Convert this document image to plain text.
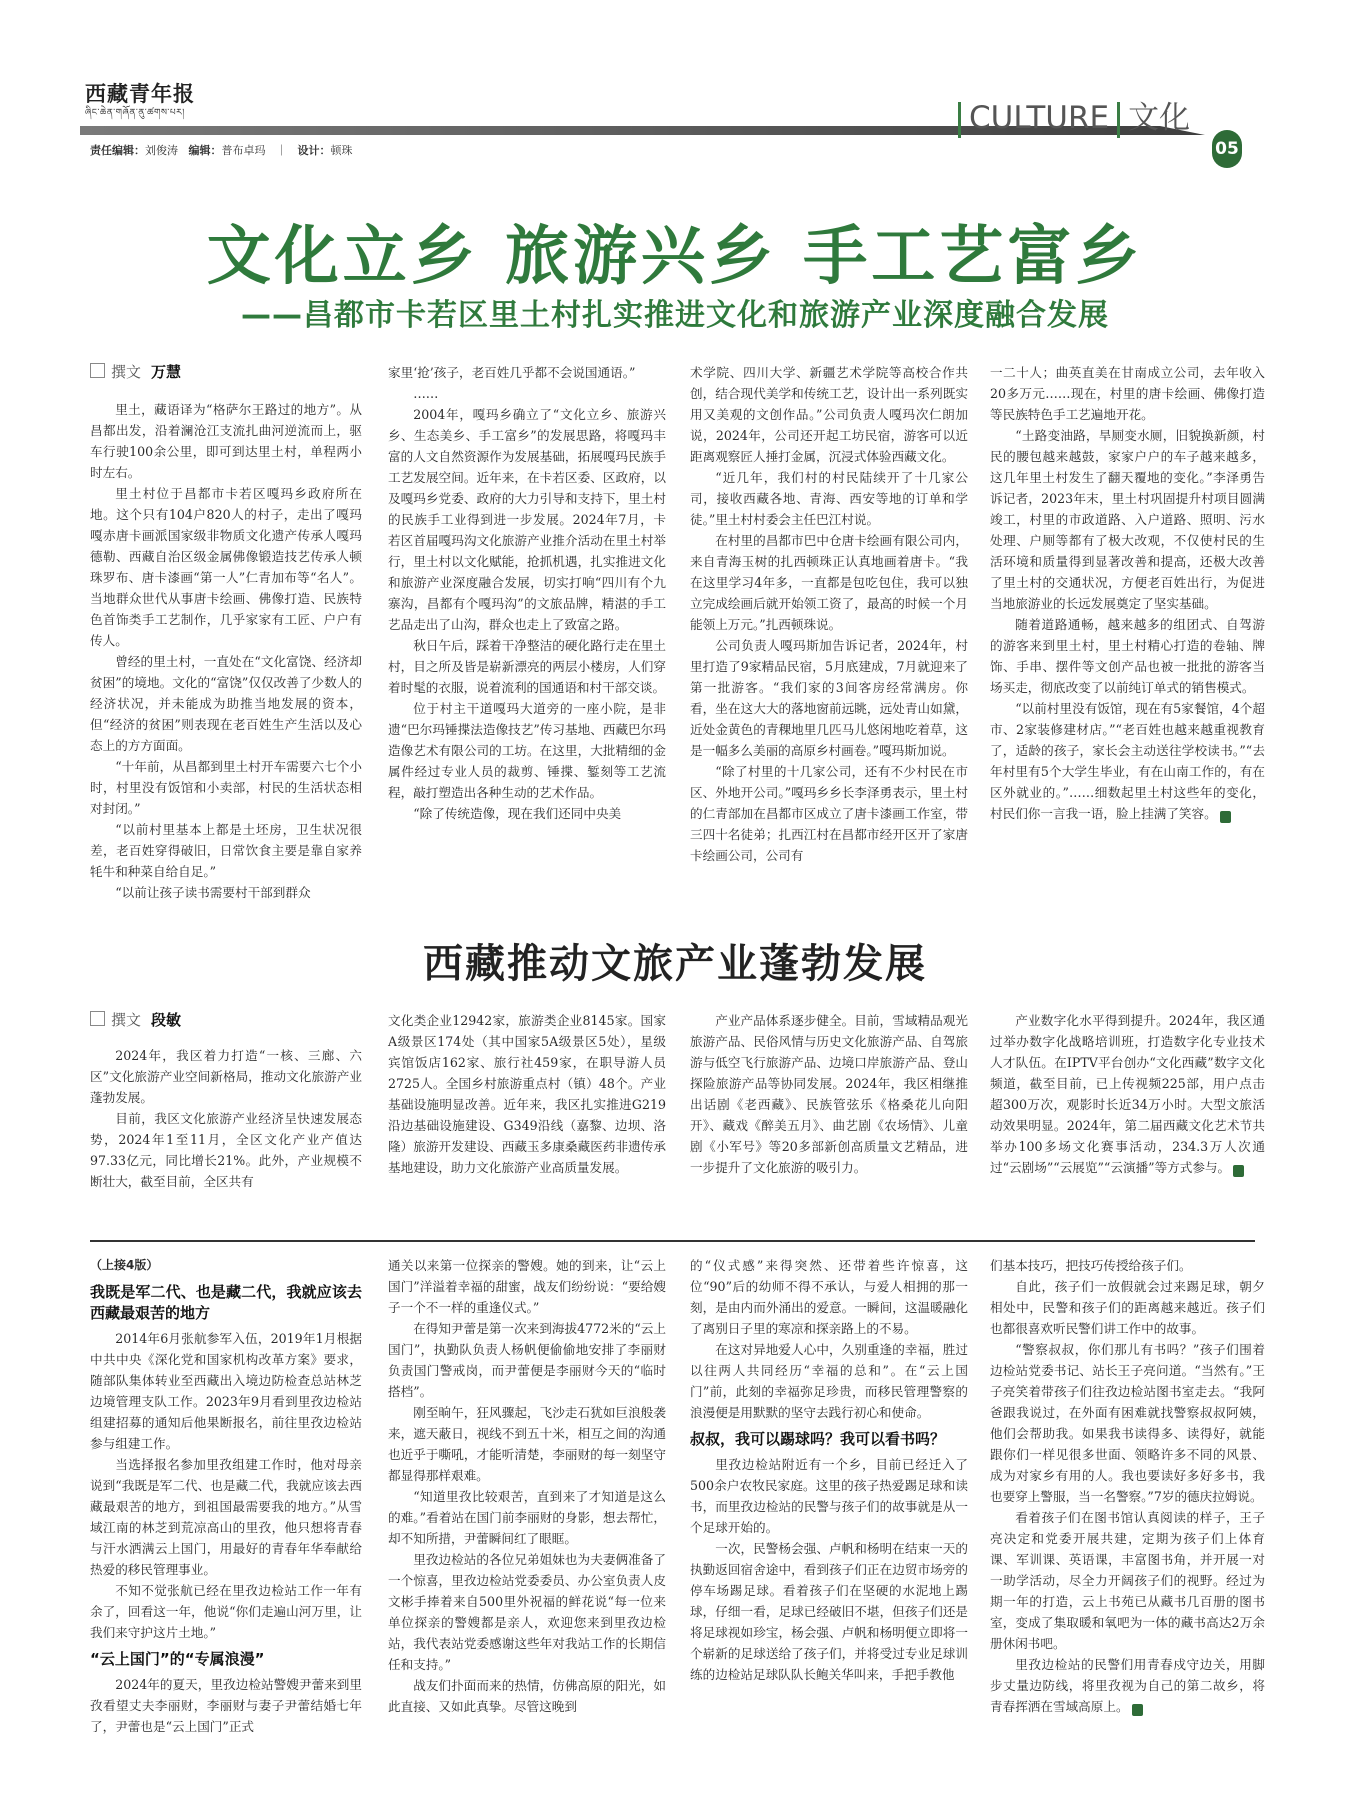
西藏青年报
ཞིང་ཆེན་གཞོན་ནུ་ཚགས་པར།
责任编辑：刘俊涛 编辑：普布卓玛 ｜ 设计：顿珠
CULTURE 文化
05
文化立乡 旅游兴乡 手工艺富乡
——昌都市卡若区里土村扎实推进文化和旅游产业深度融合发展
撰文 万慧

里土，藏语译为“格萨尔王路过的地方”。从昌都出发，沿着澜沧江支流扎曲河逆流而上，驱车行驶100余公里，即可到达里土村，单程两小时左右。

里土村位于昌都市卡若区嘎玛乡政府所在地。这个只有104户820人的村子，走出了嘎玛嘎赤唐卡画派国家级非物质文化遗产传承人嘎玛德勒、西藏自治区级金属佛像锻造技艺传承人顿珠罗布、唐卡漆画“第一人”仁青加布等“名人”。当地群众世代从事唐卡绘画、佛像打造、民族特色首饰类手工艺制作，几乎家家有工匠、户户有传人。

曾经的里土村，一直处在“文化富饶、经济却贫困”的境地。文化的“富饶”仅仅改善了少数人的经济状况，并未能成为助推当地发展的资本，但“经济的贫困”则表现在老百姓生产生活以及心态上的方方面面。

“十年前，从昌都到里土村开车需要六七个小时，村里没有饭馆和小卖部，村民的生活状态相对封闭。”

“以前村里基本上都是土坯房，卫生状况很差，老百姓穿得破旧，日常饮食主要是靠自家养牦牛和种菜自给自足。”

“以前让孩子读书需要村干部到群众

家里‘抢’孩子，老百姓几乎都不会说国通语。”

……

2004年，嘎玛乡确立了“文化立乡、旅游兴乡、生态美乡、手工富乡”的发展思路，将嘎玛丰富的人文自然资源作为发展基础，拓展嘎玛民族手工艺发展空间。近年来，在卡若区委、区政府，以及嘎玛乡党委、政府的大力引导和支持下，里土村的民族手工业得到进一步发展。2024年7月，卡若区首届嘎玛沟文化旅游产业推介活动在里土村举行，里土村以文化赋能，抢抓机遇，扎实推进文化和旅游产业深度融合发展，切实打响“四川有个九寨沟，昌都有个嘎玛沟”的文旅品牌，精湛的手工艺品走出了山沟，群众也走上了致富之路。

秋日午后，踩着干净整洁的硬化路行走在里土村，目之所及皆是崭新漂亮的两层小楼房，人们穿着时髦的衣服，说着流利的国通语和村干部交谈。

位于村主干道嘎玛大道旁的一座小院，是非遗“巴尔玛锤揲法造像技艺”传习基地、西藏巴尔玛造像艺术有限公司的工坊。在这里，大批精细的金属件经过专业人员的裁剪、锤揲、錾刻等工艺流程，敲打塑造出各种生动的艺术作品。

“除了传统造像，现在我们还同中央美

术学院、四川大学、新疆艺术学院等高校合作共创，结合现代美学和传统工艺，设计出一系列既实用又美观的文创作品。”公司负责人嘎玛次仁朗加说，2024年，公司还开起工坊民宿，游客可以近距离观察匠人捶打金属，沉浸式体验西藏文化。

“近几年，我们村的村民陆续开了十几家公司，接收西藏各地、青海、西安等地的订单和学徒。”里土村村委会主任巴江村说。

在村里的昌都市巴中仓唐卡绘画有限公司内，来自青海玉树的扎西顿珠正认真地画着唐卡。“我在这里学习4年多，一直都是包吃包住，我可以独立完成绘画后就开始领工资了，最高的时候一个月能领上万元。”扎西顿珠说。

公司负责人嘎玛斯加告诉记者，2024年，村里打造了9家精品民宿，5月底建成，7月就迎来了第一批游客。“我们家的3间客房经常满房。你看，坐在这大大的落地窗前远眺，远处青山如黛，近处金黄色的青稞地里几匹马儿悠闲地吃着草，这是一幅多么美丽的高原乡村画卷。”嘎玛斯加说。

“除了村里的十几家公司，还有不少村民在市区、外地开公司。”嘎玛乡乡长李泽勇表示，里土村的仁青部加在昌都市区成立了唐卡漆画工作室，带三四十名徒弟；扎西江村在昌都市经开区开了家唐卡绘画公司，公司有

一二十人；曲英直美在甘南成立公司，去年收入20多万元……现在，村里的唐卡绘画、佛像打造等民族特色手工艺遍地开花。

“土路变油路，旱厕变水厕，旧貌换新颜，村民的腰包越来越鼓，家家户户的车子越来越多，这几年里土村发生了翻天覆地的变化。”李泽勇告诉记者，2023年末，里土村巩固提升村项目圆满竣工，村里的市政道路、入户道路、照明、污水处理、户厕等都有了极大改观，不仅使村民的生活环境和质量得到显著改善和提高，还极大改善了里土村的交通状况，方便老百姓出行，为促进当地旅游业的长远发展奠定了坚实基础。

随着道路通畅，越来越多的组团式、自驾游的游客来到里土村，里土村精心打造的卷轴、牌饰、手串、摆件等文创产品也被一批批的游客当场买走，彻底改变了以前纯订单式的销售模式。

“以前村里没有饭馆，现在有5家餐馆，4个超市、2家装修建材店。”“老百姓也越来越重视教育了，适龄的孩子，家长会主动送往学校读书。”“去年村里有5个大学生毕业，有在山南工作的，有在区外就业的。”……细数起里土村这些年的变化，村民们你一言我一语，脸上挂满了笑容。	《

西藏推动文旅产业蓬勃发展
撰文 段敏

2024年，我区着力打造“一核、三廊、六区”文化旅游产业空间新格局，推动文化旅游产业蓬勃发展。

目前，我区文化旅游产业经济呈快速发展态势，2024年1至11月，全区文化产业产值达97.33亿元，同比增长21%。此外，产业规模不断壮大，截至目前，全区共有

文化类企业12942家，旅游类企业8145家。国家A级景区174处（其中国家5A级景区5处），星级宾馆饭店162家、旅行社459家，在职导游人员2725人。全国乡村旅游重点村（镇）48个。产业基础设施明显改善。近年来，我区扎实推进G219沿边基础设施建设、G349沿线（嘉黎、边坝、洛隆）旅游开发建设、西藏玉多康桑藏医药非遗传承基地建设，助力文化旅游产业高质量发展。

产业产品体系逐步健全。目前，雪域精品观光旅游产品、民俗风情与历史文化旅游产品、自驾旅游与低空飞行旅游产品、边境口岸旅游产品、登山探险旅游产品等协同发展。2024年，我区相继推出话剧《老西藏》、民族管弦乐《格桑花儿向阳开》、藏戏《醉美五月》、曲艺剧《农场情》、儿童剧《小军号》等20多部新创高质量文艺精品，进一步提升了文化旅游的吸引力。

产业数字化水平得到提升。2024年，我区通过举办数字化战略培训班，打造数字化专业技术人才队伍。在IPTV平台创办“文化西藏”数字文化频道，截至目前，已上传视频225部，用户点击超300万次，观影时长近34万小时。大型文旅活动效果明显。2024年，第二届西藏文化艺术节共举办100多场文化赛事活动，234.3万人次通过“云剧场”“云展览”“云演播”等方式参与。	《

（上接4版）

我既是军二代、也是藏二代，我就应该去西藏最艰苦的地方

2014年6月张航参军入伍，2019年1月根据中共中央《深化党和国家机构改革方案》要求，随部队集体转业至西藏出入境边防检查总站林芝边境管理支队工作。2023年9月看到里孜边检站组建招募的通知后他果断报名，前往里孜边检站参与组建工作。

当选择报名参加里孜组建工作时，他对母亲说到“我既是军二代、也是藏二代，我就应该去西藏最艰苦的地方，到祖国最需要我的地方。”从雪域江南的林芝到荒凉高山的里孜，他只想将青春与汗水洒满云上国门，用最好的青春年华奉献给热爱的移民管理事业。

不知不觉张航已经在里孜边检站工作一年有余了，回看这一年，他说“你们走遍山河万里，让我们来守护这片土地。”

“云上国门”的“专属浪漫”

2024年的夏天，里孜边检站警嫂尹蕾来到里孜看望丈夫李丽财，李丽财与妻子尹蕾结婚七年了，尹蕾也是“云上国门”正式

通关以来第一位探亲的警嫂。她的到来，让“云上国门”洋溢着幸福的甜蜜，战友们纷纷说：“要给嫂子一个不一样的重逢仪式。”

在得知尹蕾是第一次来到海拔4772米的“云上国门”，执勤队负责人杨帆便偷偷地安排了李丽财负责国门警戒岗，而尹蕾便是李丽财今天的“临时搭档”。

刚至晌午，狂风骤起，飞沙走石犹如巨浪般袭来，遮天蔽日，视线不到五十米，相互之间的沟通也近乎于嘶吼，才能听清楚，李丽财的每一刻坚守都显得那样艰难。

“知道里孜比较艰苦，直到来了才知道是这么的难。”看着站在国门前李丽财的身影，想去帮忙，却不知所措，尹蕾瞬间红了眼眶。

里孜边检站的各位兄弟姐妹也为夫妻俩准备了一个惊喜，里孜边检站党委委员、办公室负责人皮文彬手捧着来自500里外祝福的鲜花说“每一位来单位探亲的警嫂都是亲人，欢迎您来到里孜边检站，我代表站党委感谢这些年对我站工作的长期信任和支持。”

战友们扑面而来的热情，仿佛高原的阳光，如此直接、又如此真挚。尽管这晚到

的“仪式感”来得突然、还带着些许惊喜，这位“90”后的幼师不得不承认，与爱人相拥的那一刻，是由内而外涌出的爱意。一瞬间，这温暖融化了离别日子里的寒凉和探亲路上的不易。

在这对异地爱人心中，久别重逢的幸福，胜过以往两人共同经历“幸福的总和”。在“云上国门”前，此刻的幸福弥足珍贵，而移民管理警察的浪漫便是用默默的坚守去践行初心和使命。

叔叔，我可以踢球吗？我可以看书吗？

里孜边检站附近有一个乡，目前已经迁入了500余户农牧民家庭。这里的孩子热爱踢足球和读书，而里孜边检站的民警与孩子们的故事就是从一个足球开始的。

一次，民警杨会强、卢帆和杨明在结束一天的执勤返回宿舍途中，看到孩子们正在边贸市场旁的停车场踢足球。看着孩子们在坚硬的水泥地上踢球，仔细一看，足球已经破旧不堪，但孩子们还是将足球视如珍宝，杨会强、卢帆和杨明便立即将一个崭新的足球送给了孩子们，并将受过专业足球训练的边检站足球队队长鲍关华叫来，手把手教他

们基本技巧，把技巧传授给孩子们。

自此，孩子们一放假就会过来踢足球，朝夕相处中，民警和孩子们的距离越来越近。孩子们也都很喜欢听民警们讲工作中的故事。

“警察叔叔，你们那儿有书吗？”孩子们围着边检站党委书记、站长王子亮问道。“当然有。”王子亮笑着带孩子们往孜边检站图书室走去。“我阿爸跟我说过，在外面有困难就找警察叔叔阿姨，他们会帮助我。如果我书读得多、读得好，就能跟你们一样见很多世面、领略许多不同的风景、成为对家乡有用的人。我也要读好多好多书，我也要穿上警服，当一名警察。”7岁的德庆拉姆说。

看着孩子们在图书馆认真阅读的样子，王子亮决定和党委开展共建，定期为孩子们上体育课、军训课、英语课，丰富图书角，并开展一对一助学活动，尽全力开阔孩子们的视野。经过为期一年的打造，云上书苑已从藏书几百册的图书室，变成了集取暖和氧吧为一体的藏书高达2万余册休闲书吧。

里孜边检站的民警们用青春戍守边关，用脚步丈量边防线，将里孜视为自己的第二故乡，将青春挥洒在雪域高原上。	《
